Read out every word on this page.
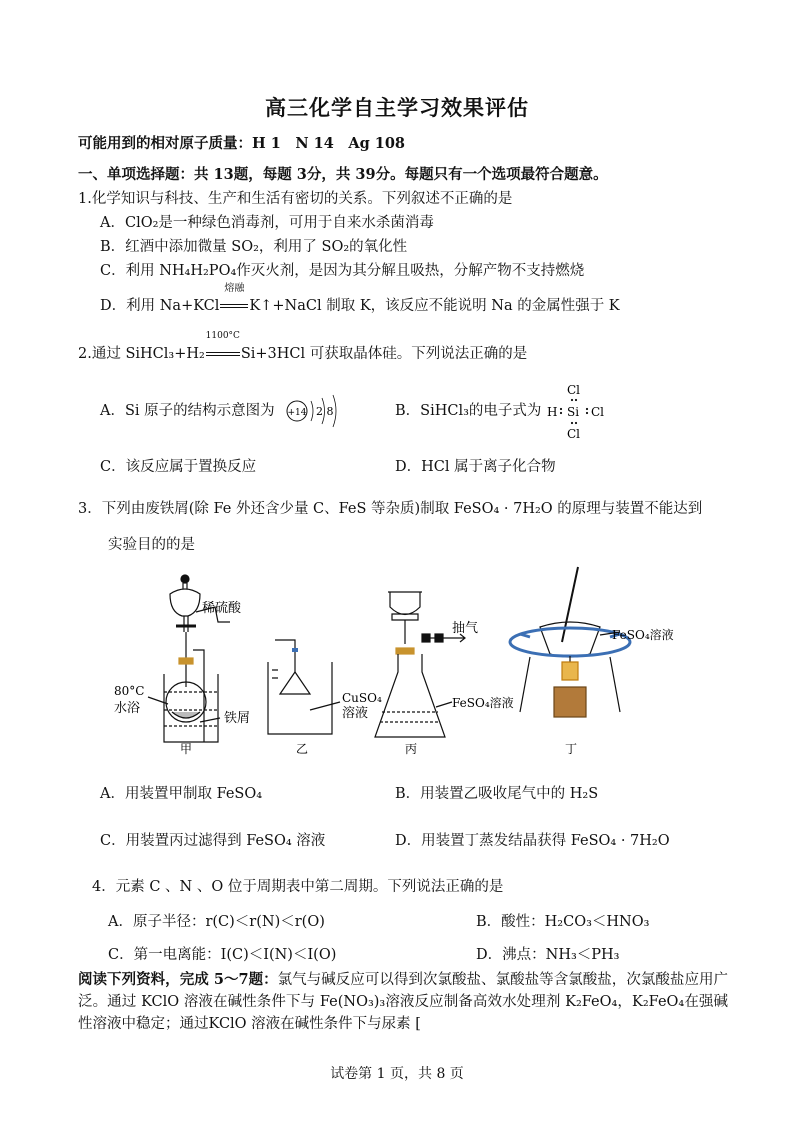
高三化学自主学习效果评估
可能用到的相对原子质量：H 1　N 14　Ag 108
一、单项选择题：共 13题，每题 3分，共 39分。每题只有一个选项最符合题意。
1.化学知识与科技、生产和生活有密切的关系。下列叙述不正确的是
A．ClO₂是一种绿色消毒剂，可用于自来水杀菌消毒
B．红酒中添加微量 SO₂，利用了 SO₂的氧化性
C．利用 NH₄H₂PO₄作灭火剂，是因为其分解且吸热，分解产物不支持燃烧
D．利用 Na+KCl
熔融
K↑+NaCl 制取 K，该反应不能说明 Na 的金属性强于 K
2.通过 SiHCl₃+H₂
1100°C
Si+3HCl 可获取晶体硅。下列说法正确的是
A．Si 原子的结构示意图为 +14 2 8	B．SiHCl₃的电子式为
Cl
Si
H	Cl
Cl
C．该反应属于置换反应	D．HCl 属于离子化合物
3．下列由废铁屑(除 Fe 外还含少量 C、FeS 等杂质)制取 FeSO₄ · 7H₂O 的原理与装置不能达到
实验目的的是
稀硫酸
80°C
水浴
铁屑
CuSO₄
溶液
抽气
FeSO₄溶液
FeSO₄溶液
甲	乙	丙	丁
A．用装置甲制取 FeSO₄	B．用装置乙吸收尾气中的 H₂S
C．用装置丙过滤得到 FeSO₄ 溶液	D．用装置丁蒸发结晶获得 FeSO₄ · 7H₂O
4．元素 C 、N 、O 位于周期表中第二周期。下列说法正确的是
A．原子半径：r(C)＜r(N)＜r(O)	B．酸性：H₂CO₃＜HNO₃
C．第一电离能：I(C)＜I(N)＜I(O)	D．沸点：NH₃＜PH₃
阅读下列资料，完成 5～7题：氯气与碱反应可以得到次氯酸盐、氯酸盐等含氯酸盐，次氯酸盐应用广泛。通过 KClO 溶液在碱性条件下与 Fe(NO₃)₃溶液反应制备高效水处理剂 K₂FeO₄，K₂FeO₄在强碱性溶液中稳定；通过KClO 溶液在碱性条件下与尿素 [
试卷第 1 页，共 8 页
